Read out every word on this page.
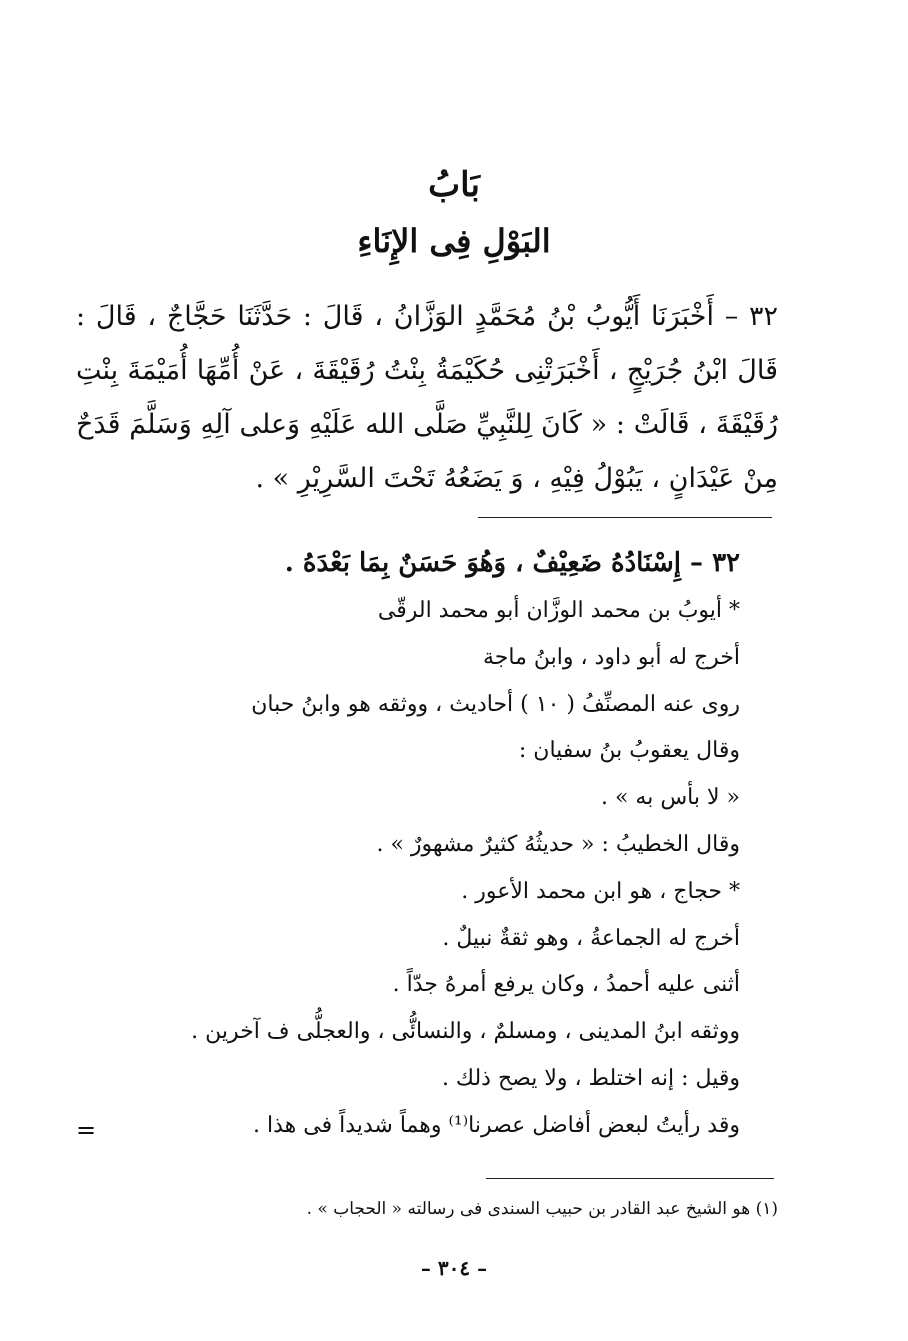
بَابُ
البَوْلِ فِى الإِنَاءِ
٣٢ – أَخْبَرَنَا أَيُّوبُ بْنُ مُحَمَّدٍ الوَزَّانُ ، قَالَ : حَدَّثَنَا حَجَّاجٌ ، قَالَ : قَالَ ابْنُ جُرَيْجٍ ، أَخْبَرَتْنِى حُكَيْمَةُ بِنْتُ رُقَيْقَةَ ، عَنْ أُمِّهَا أُمَيْمَةَ بِنْتِ رُقَيْقَةَ ، قَالَتْ : « كَانَ لِلنَّبِيِّ صَلَّى الله عَلَيْهِ وَعلى آلِهِ وَسَلَّمَ قَدَحٌ مِنْ عَيْدَانٍ ، يَبُوْلُ فِيْهِ ، وَ يَضَعُهُ تَحْتَ السَّرِيْرِ » .
٣٢ – إِسْنَادُهُ ضَعِيْفٌ ، وَهُوَ حَسَنٌ بِمَا بَعْدَهُ .
* أيوبُ بن محمد الوزَّان أبو محمد الرقّى
أخرج له أبو داود ، وابنُ ماجة
روى عنه المصنِّفُ ( ١٠ ) أحاديث ، ووثقه هو وابنُ حبان
وقال يعقوبُ بنُ سفيان :
« لا بأس به » .
وقال الخطيبُ : « حديثُهُ كثيرٌ مشهورٌ » .
* حجاج ، هو ابن محمد الأعور .
أخرج له الجماعةُ ، وهو ثقةٌ نبيلٌ .
أثنى عليه أحمدُ ، وكان يرفع أمرهُ جدّاً .
ووثقه ابنُ المدينى ، ومسلمٌ ، والنسائُّى ، والعجلُّى ف آخرين .
وقيل : إنه اختلط ، ولا يصح ذلك .
وقد رأيتُ لبعض أفاضل عصرنا⁽¹⁾ وهماً شديداً فى هذا .
=
(١) هو الشيخ عبد القادر بن حبيب السندى فى رسالته « الحجاب » .
– ٣٠٤ –
